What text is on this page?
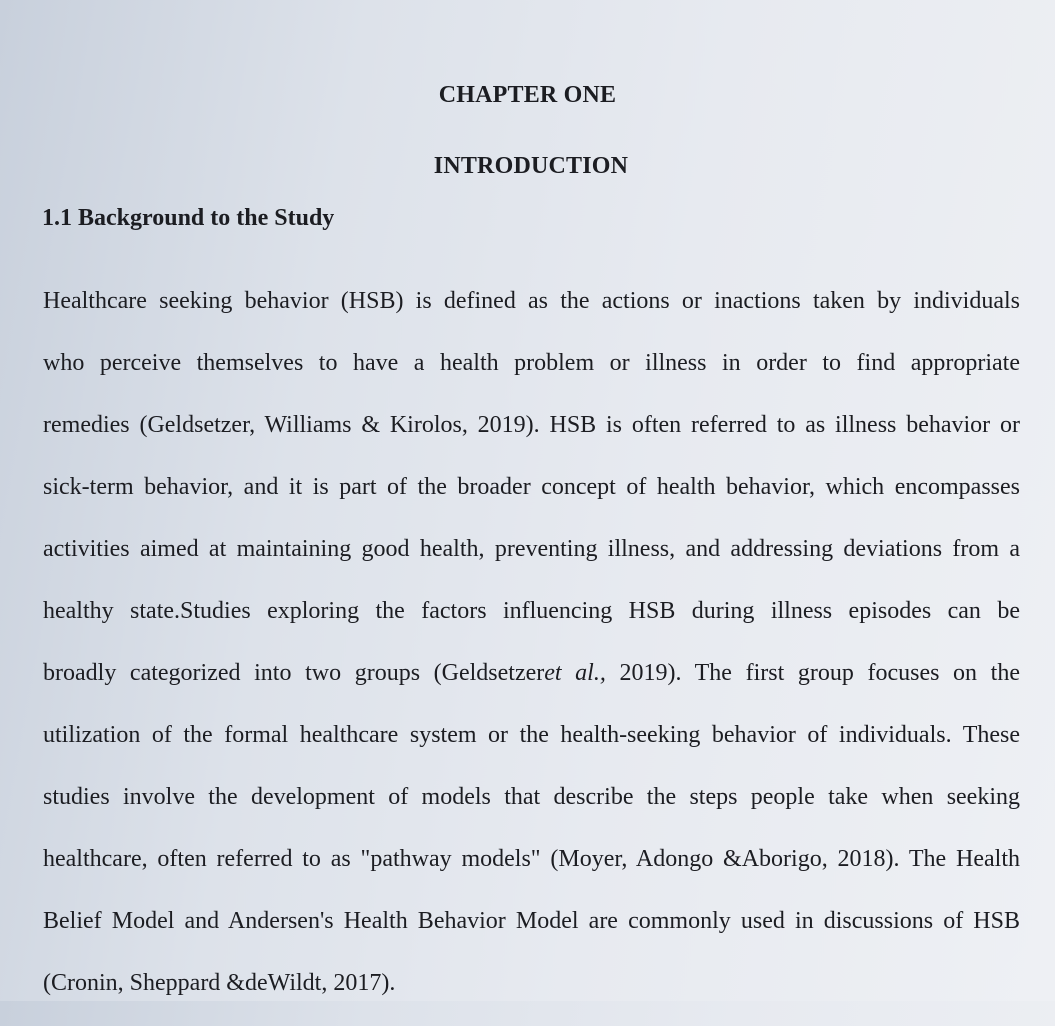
CHAPTER ONE
INTRODUCTION
1.1 Background to the Study
Healthcare seeking behavior (HSB) is defined as the actions or inactions taken by individuals
who perceive themselves to have a health problem or illness in order to find appropriate
remedies (Geldsetzer, Williams & Kirolos, 2019). HSB is often referred to as illness behavior or
sick-term behavior, and it is part of the broader concept of health behavior, which encompasses
activities aimed at maintaining good health, preventing illness, and addressing deviations from a
healthy state.Studies exploring the factors influencing HSB during illness episodes can be
broadly categorized into two groups (Geldsetzeret al., 2019). The first group focuses on the
utilization of the formal healthcare system or the health-seeking behavior of individuals. These
studies involve the development of models that describe the steps people take when seeking
healthcare, often referred to as "pathway models" (Moyer, Adongo &Aborigo, 2018). The Health
Belief Model and Andersen's Health Behavior Model are commonly used in discussions of HSB
(Cronin, Sheppard &deWildt, 2017).
